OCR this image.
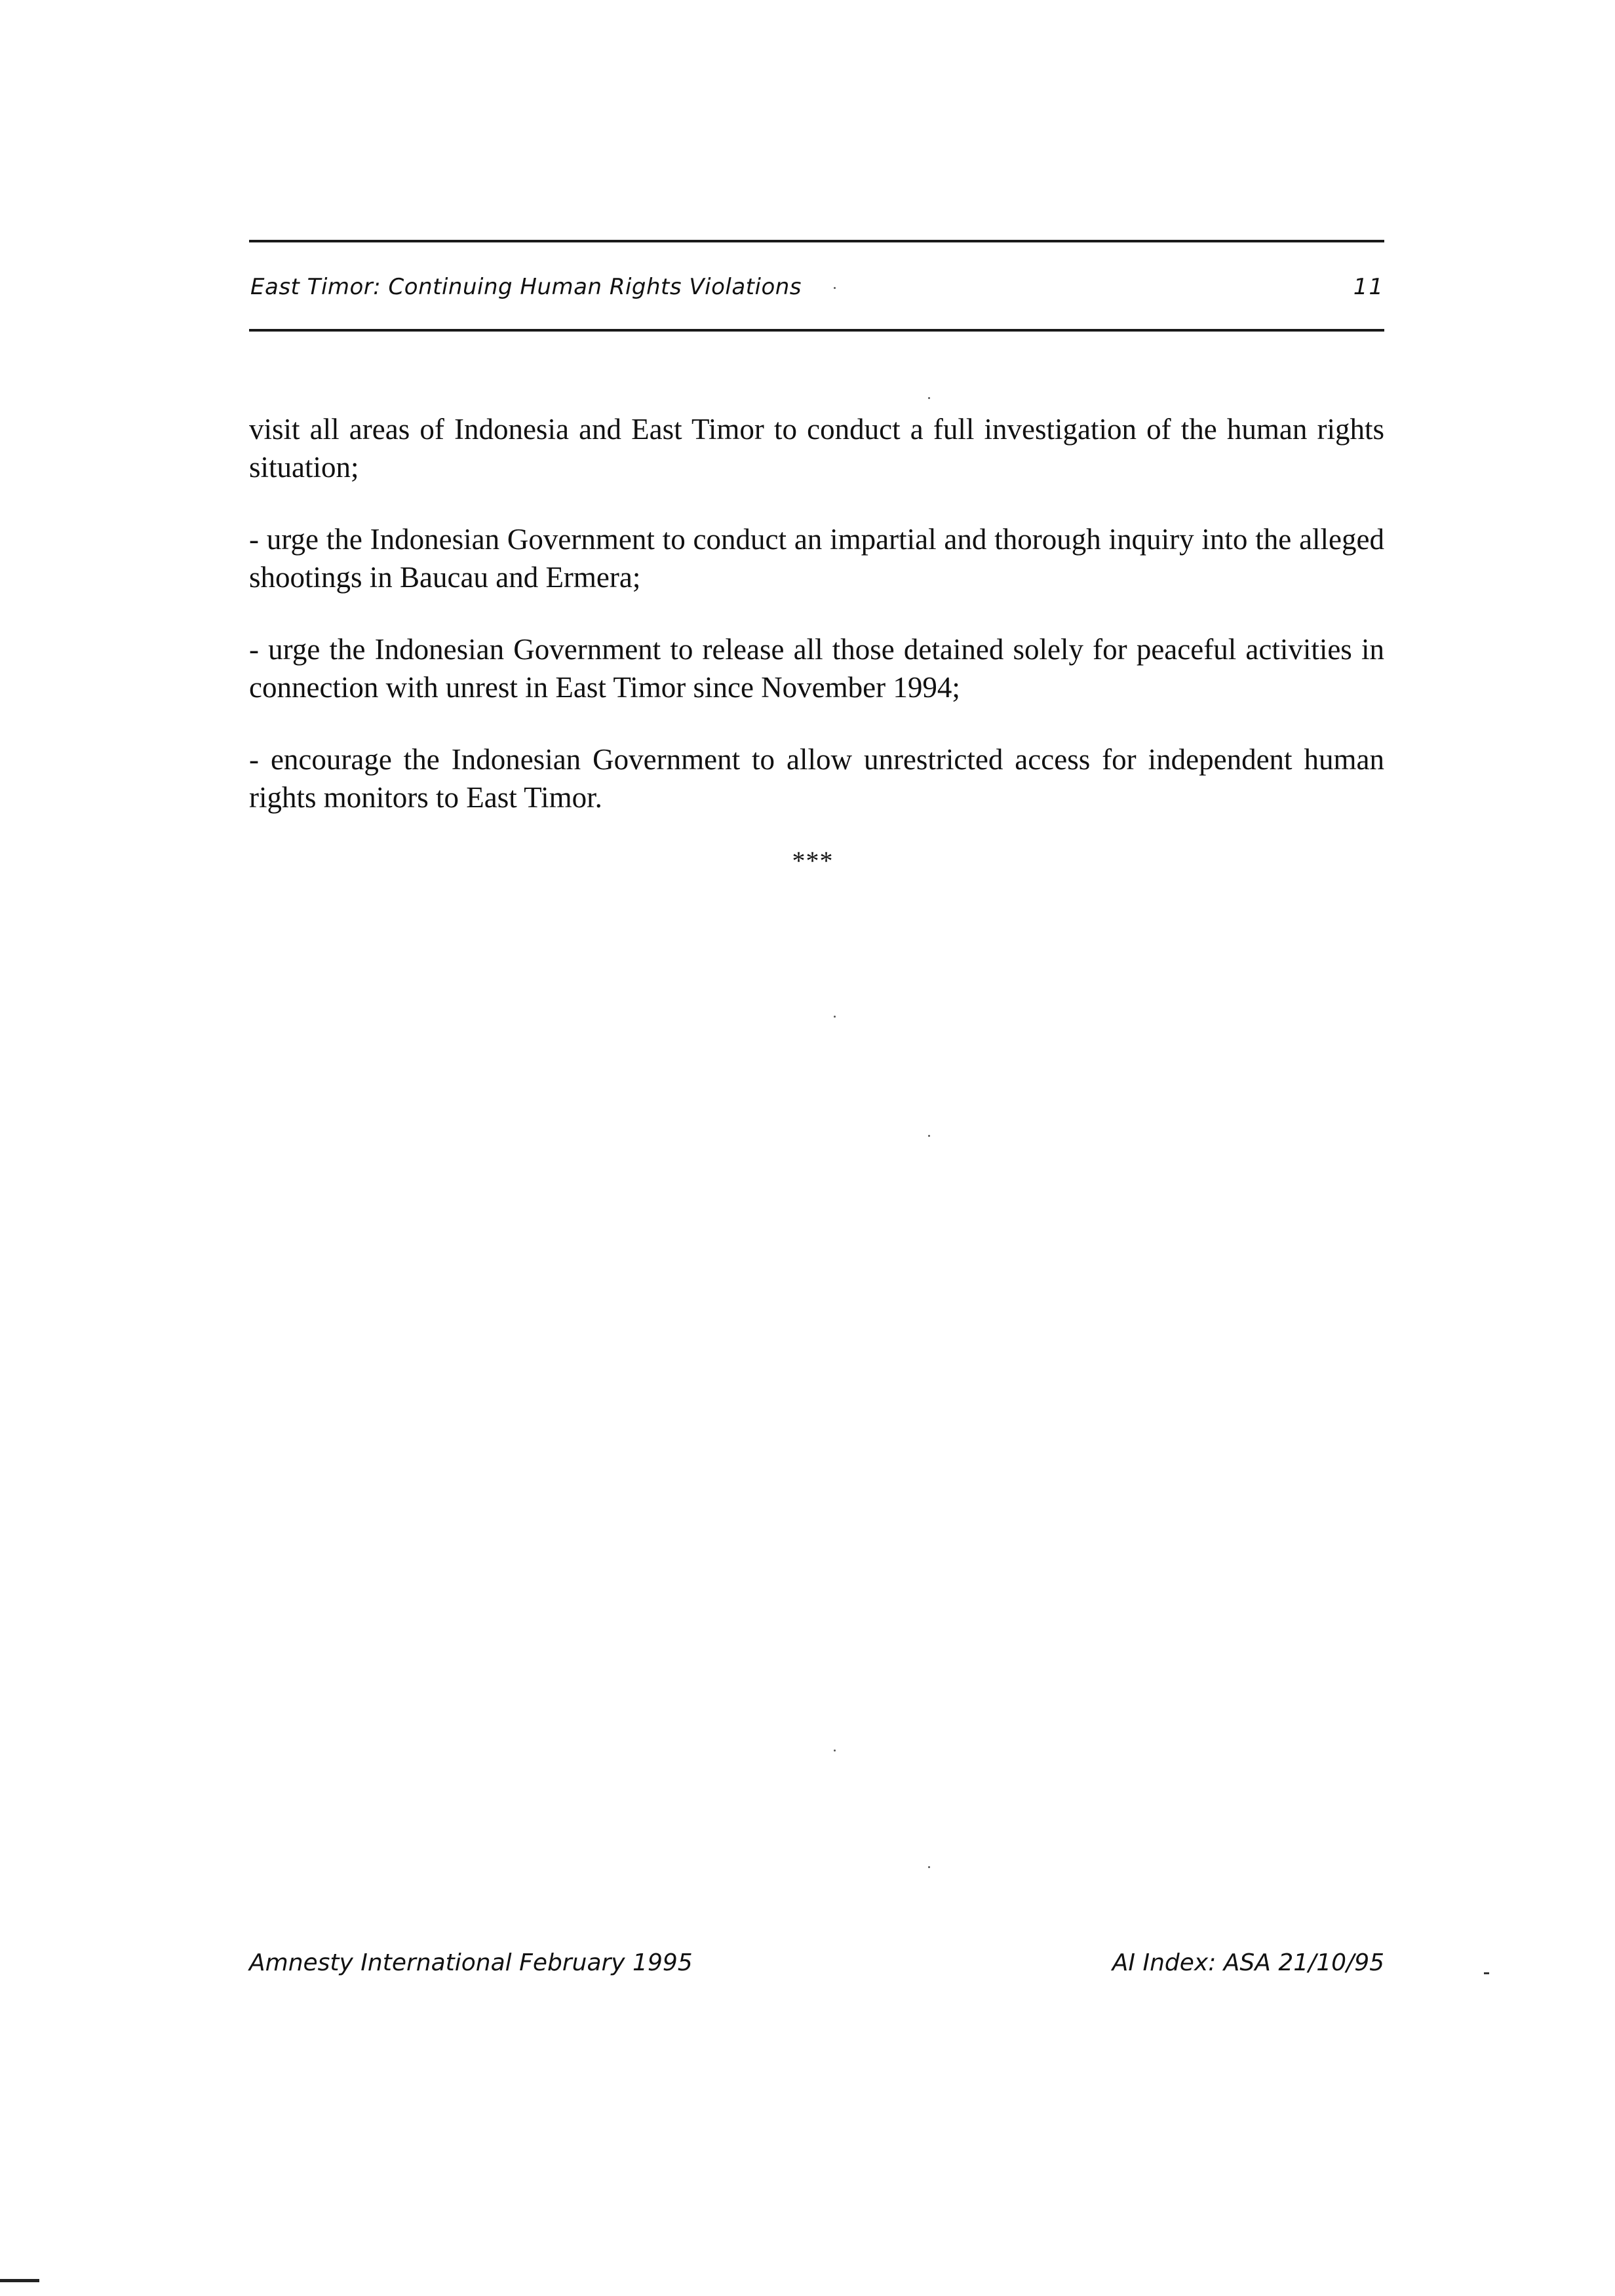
East Timor: Continuing Human Rights Violations	11

visit all areas of Indonesia and East Timor to conduct a full investigation of the human rights situation;

- urge the Indonesian Government to conduct an impartial and thorough inquiry into the alleged shootings in Baucau and Ermera;

- urge the Indonesian Government to release all those detained solely for peaceful activities in connection with unrest in East Timor since November 1994;

- encourage the Indonesian Government to allow unrestricted access for independent human rights monitors to East Timor.

***
Amnesty International February 1995	AI Index: ASA 21/10/95
